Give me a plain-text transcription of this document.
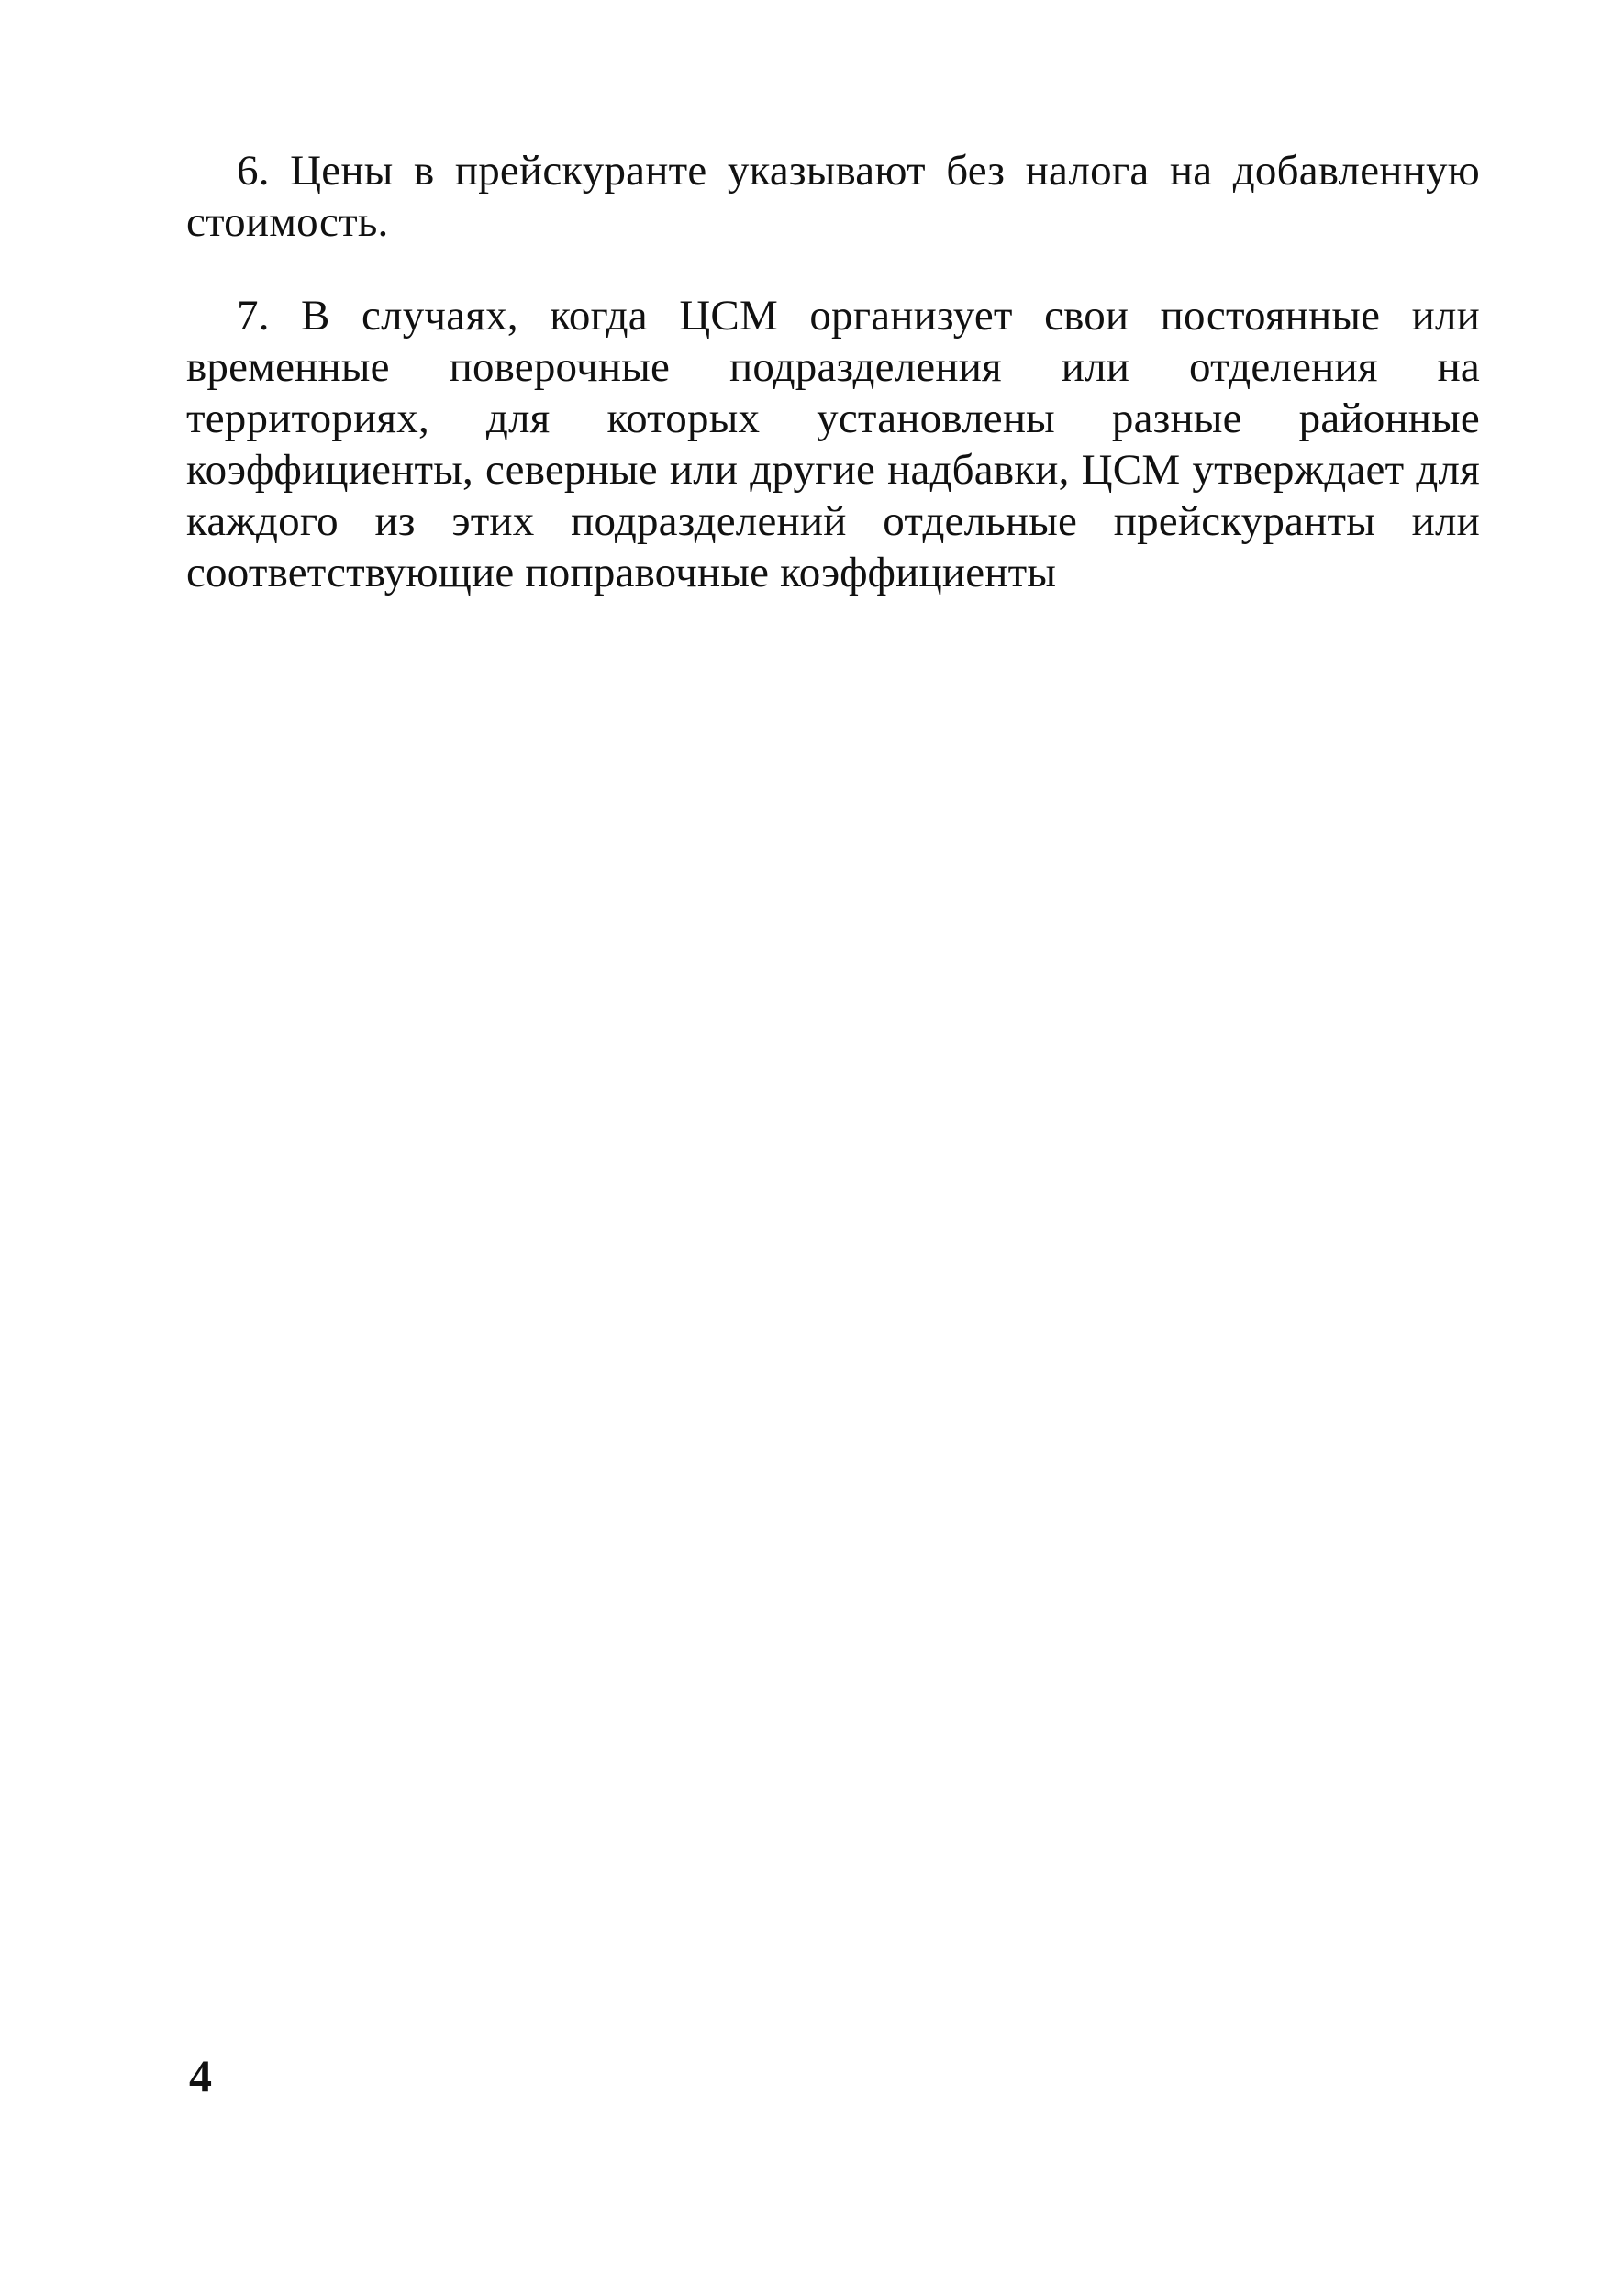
6. Цены в прейскуранте указывают без налога на добавленную стоимость.

7. В случаях, когда ЦСМ организует свои постоянные или временные поверочные подразделения или отделения на территориях, для которых установлены разные районные коэффициенты, северные или другие надбавки, ЦСМ утверждает для каждого из этих подразделений отдельные прейскуранты или соответствующие поправочные коэффициенты

4
